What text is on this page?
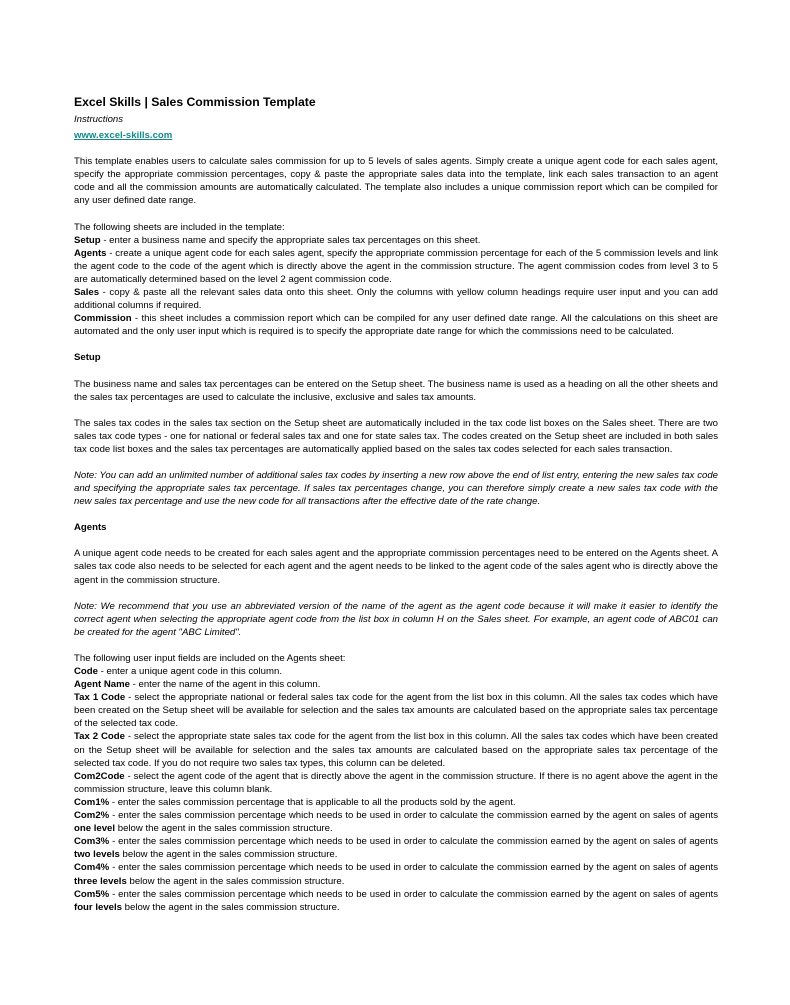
Excel Skills | Sales Commission Template
Instructions
www.excel-skills.com

This template enables users to calculate sales commission for up to 5 levels of sales agents. Simply create a unique agent code for each sales agent, specify the appropriate commission percentages, copy & paste the appropriate sales data into the template, link each sales transaction to an agent code and all the commission amounts are automatically calculated. The template also includes a unique commission report which can be compiled for any user defined date range.

The following sheets are included in the template:

Setup - enter a business name and specify the appropriate sales tax percentages on this sheet.

Agents - create a unique agent code for each sales agent, specify the appropriate commission percentage for each of the 5 commission levels and link the agent code to the code of the agent which is directly above the agent in the commission structure. The agent commission codes from level 3 to 5 are automatically determined based on the level 2 agent commission code.

Sales - copy & paste all the relevant sales data onto this sheet. Only the columns with yellow column headings require user input and you can add additional columns if required.

Commission - this sheet includes a commission report which can be compiled for any user defined date range. All the calculations on this sheet are automated and the only user input which is required is to specify the appropriate date range for which the commissions need to be calculated.

Setup

The business name and sales tax percentages can be entered on the Setup sheet. The business name is used as a heading on all the other sheets and the sales tax percentages are used to calculate the inclusive, exclusive and sales tax amounts.

The sales tax codes in the sales tax section on the Setup sheet are automatically included in the tax code list boxes on the Sales sheet. There are two sales tax code types - one for national or federal sales tax and one for state sales tax. The codes created on the Setup sheet are included in both sales tax code list boxes and the sales tax percentages are automatically applied based on the sales tax codes selected for each sales transaction.

Note: You can add an unlimited number of additional sales tax codes by inserting a new row above the end of list entry, entering the new sales tax code and specifying the appropriate sales tax percentage. If sales tax percentages change, you can therefore simply create a new sales tax code with the new sales tax percentage and use the new code for all transactions after the effective date of the rate change.

Agents

A unique agent code needs to be created for each sales agent and the appropriate commission percentages need to be entered on the Agents sheet. A sales tax code also needs to be selected for each agent and the agent needs to be linked to the agent code of the sales agent who is directly above the agent in the commission structure.

Note: We recommend that you use an abbreviated version of the name of the agent as the agent code because it will make it easier to identify the correct agent when selecting the appropriate agent code from the list box in column H on the Sales sheet. For example, an agent code of ABC01 can be created for the agent "ABC Limited".

The following user input fields are included on the Agents sheet:

Code - enter a unique agent code in this column.

Agent Name - enter the name of the agent in this column.

Tax 1 Code - select the appropriate national or federal sales tax code for the agent from the list box in this column. All the sales tax codes which have been created on the Setup sheet will be available for selection and the sales tax amounts are calculated based on the appropriate sales tax percentage of the selected tax code.

Tax 2 Code - select the appropriate state sales tax code for the agent from the list box in this column. All the sales tax codes which have been created on the Setup sheet will be available for selection and the sales tax amounts are calculated based on the appropriate sales tax percentage of the selected tax code. If you do not require two sales tax types, this column can be deleted.

Com2Code - select the agent code of the agent that is directly above the agent in the commission structure. If there is no agent above the agent in the commission structure, leave this column blank.

Com1% - enter the sales commission percentage that is applicable to all the products sold by the agent.

Com2% - enter the sales commission percentage which needs to be used in order to calculate the commission earned by the agent on sales of agents one level below the agent in the sales commission structure.

Com3% - enter the sales commission percentage which needs to be used in order to calculate the commission earned by the agent on sales of agents two levels below the agent in the sales commission structure.

Com4% - enter the sales commission percentage which needs to be used in order to calculate the commission earned by the agent on sales of agents three levels below the agent in the sales commission structure.

Com5% - enter the sales commission percentage which needs to be used in order to calculate the commission earned by the agent on sales of agents four levels below the agent in the sales commission structure.
